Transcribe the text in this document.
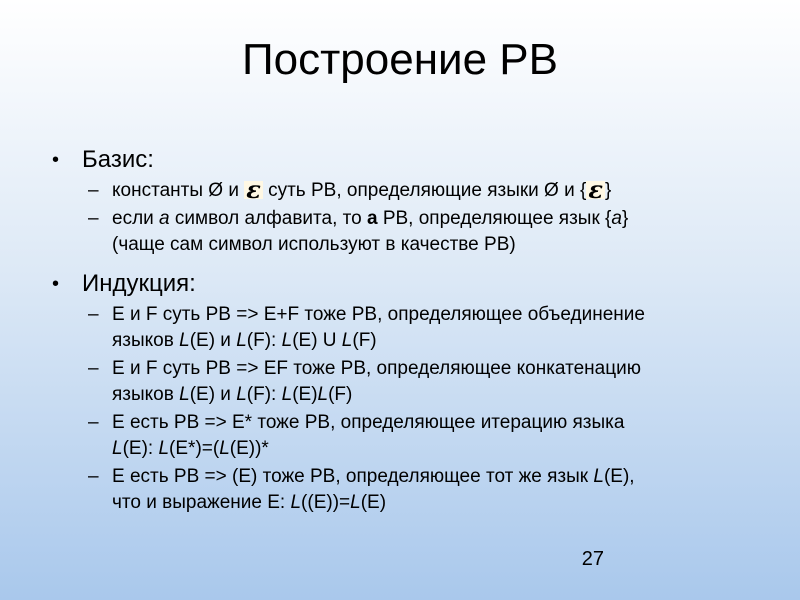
Построение РВ
• Базис:
– константы Ø и ε суть РВ, определяющие языки Ø и {ε }
– если a символ алфавита, то a РВ, определяющее язык {a}
(чаще сам символ используют в качестве РВ)
• Индукция:
– E и F суть РВ => E+F тоже РВ, определяющее объединение
языков L(E) и L(F): L(E) U L(F)
– E и F суть РВ => EF тоже РВ, определяющее конкатенацию
языков L(E) и L(F): L(E)L(F)
– E есть РВ => E* тоже РВ, определяющее итерацию языка
L(E): L(E*)=(L(E))*
– E есть РВ => (E) тоже РВ, определяющее тот же язык L(E),
что и выражение E: L((E))=L(E)
27
